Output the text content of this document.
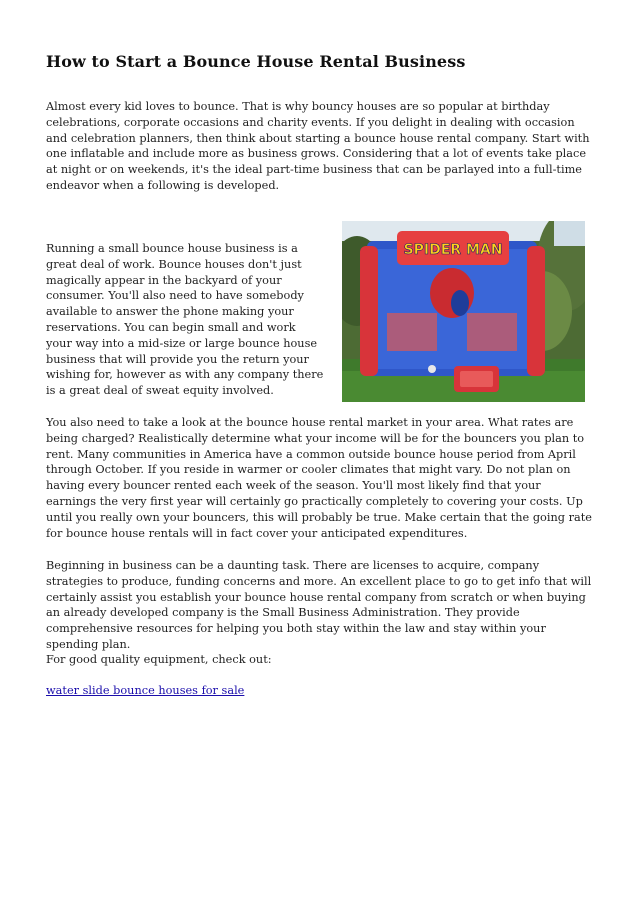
How to Start a Bounce House Rental Business

Almost every kid loves to bounce. That is why bouncy houses are so popular at birthday celebrations, corporate occasions and charity events. If you delight in dealing with occasion and celebration planners, then think about starting a bounce house rental company. Start with one inflatable and include more as business grows. Considering that a lot of events take place at night or on weekends, it's the ideal part-time business that can be parlayed into a full-time endeavor when a following is developed.

Running a small bounce house business is a great deal of work. Bounce houses don't just magically appear in the backyard of your consumer. You'll also need to have somebody available to answer the phone making your reservations. You can begin small and work your way into a mid-size or large bounce house business that will provide you the return your wishing for, however as with any company there is a great deal of sweat equity involved.

You also need to take a look at the bounce house rental market in your area. What rates are being charged? Realistically determine what your income will be for the bouncers you plan to rent. Many communities in America have a common outside bounce house period from April through October. If you reside in warmer or cooler climates that might vary. Do not plan on having every bouncer rented each week of the season. You'll most likely find that your earnings the very first year will certainly go practically completely to covering your costs. Up until you really own your bouncers, this will probably be true. Make certain that the going rate for bounce house rentals will in fact cover your anticipated expenditures.

Beginning in business can be a daunting task. There are licenses to acquire, company strategies to produce, funding concerns and more. An excellent place to go to get info that will certainly assist you establish your bounce house rental company from scratch or when buying an already developed company is the Small Business Administration. They provide comprehensive resources for helping you both stay within the law and stay within your spending plan.

For good quality equipment, check out:

water slide bounce houses for sale
SPIDER MAN
